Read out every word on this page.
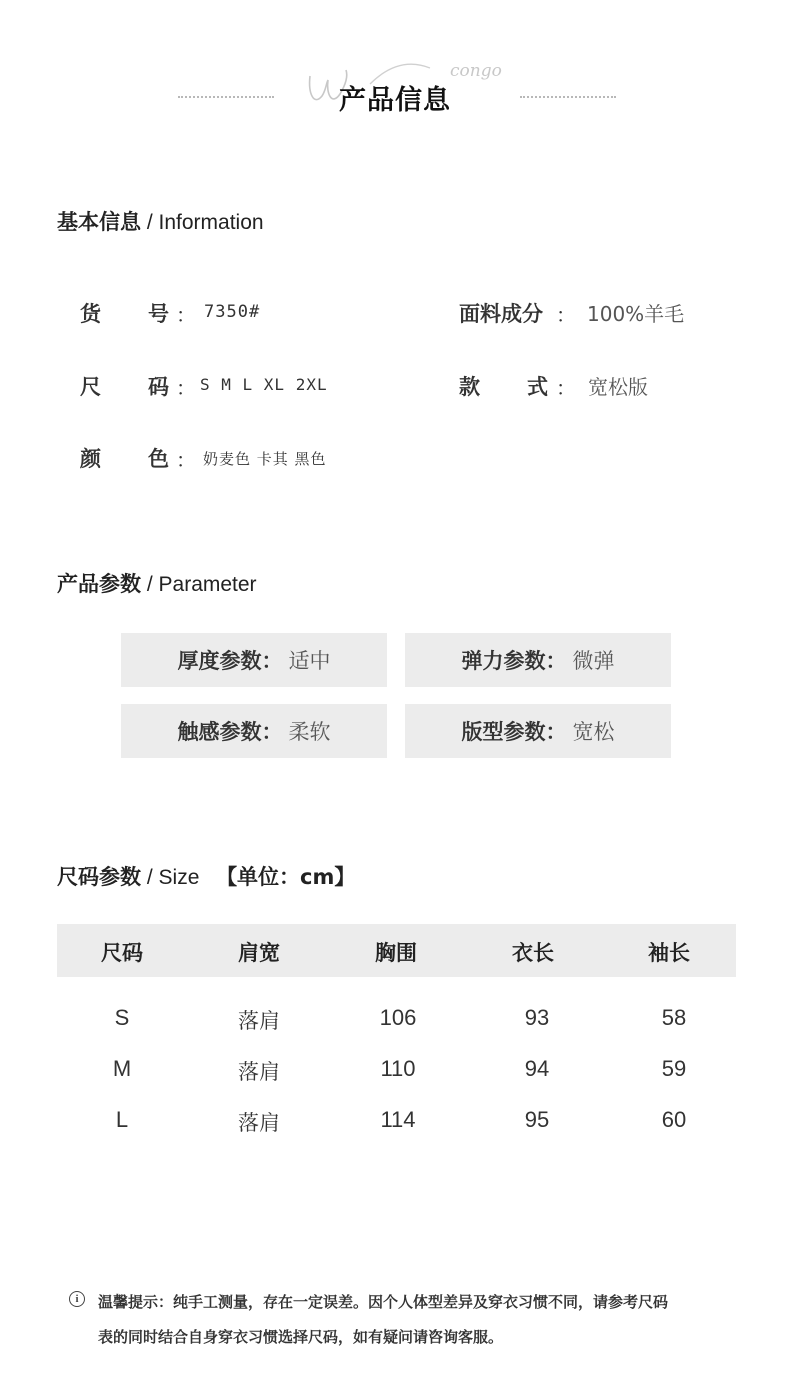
congo
产品信息
基本信息 / Information
货 号 ： 7350#	面料成分 ： 100%羊毛
尺 码 ： S M L XL 2XL	款 式 ： 宽松版
颜 色 ： 奶麦色 卡其 黑色
产品参数 / Parameter
厚度参数： 适中	弹力参数： 微弹
触感参数： 柔软	版型参数： 宽松
尺码参数 / Size 【单位：cm】
尺码	肩宽	胸围	衣长	袖长
S	落肩	106	93	58
M	落肩	110	94	59
L	落肩	114	95	60
i	温馨提示：纯手工测量，存在一定误差。因个人体型差异及穿衣习惯不同，请参考尺码
表的同时结合自身穿衣习惯选择尺码，如有疑问请咨询客服。
